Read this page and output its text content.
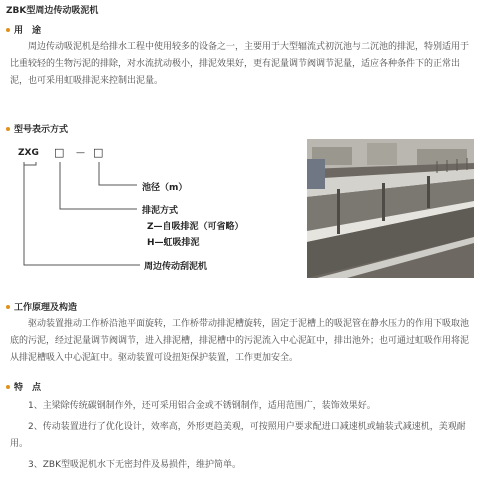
ZBK型周边传动吸泥机
用　途
周边传动吸泥机是给排水工程中使用较多的设备之一，主要用于大型辐流式初沉池与二沉池的排泥，特别适用于比重较轻的生物污泥的排除，对水流扰动极小，排泥效果好，更有泥量调节阀调节泥量，适应各种条件下的正常出泥，也可采用虹吸排泥来控制出泥量。
型号表示方式
ZXG □ — □
池径（m）
排泥方式
Z—自吸排泥（可省略）
H—虹吸排泥
周边传动刮泥机
工作原理及构造
驱动装置推动工作桥沿池平面旋转，工作桥带动排泥槽旋转，固定于泥槽上的吸泥管在静水压力的作用下吸取池底的污泥，经过泥量调节阀调节，进入排泥槽，排泥槽中的污泥流入中心泥缸中，排出池外；也可通过虹吸作用将泥从排泥槽吸入中心泥缸中。驱动装置可设扭矩保护装置，工作更加安全。
特　点

1、主梁除传统碳钢制作外，还可采用铝合金或不锈钢制作，适用范围广，装饰效果好。

2、传动装置进行了优化设计，效率高，外形更趋美观，可按照用户要求配进口减速机或轴装式减速机，美观耐用。

3、ZBK型吸泥机水下无密封件及易损件，维护简单。
